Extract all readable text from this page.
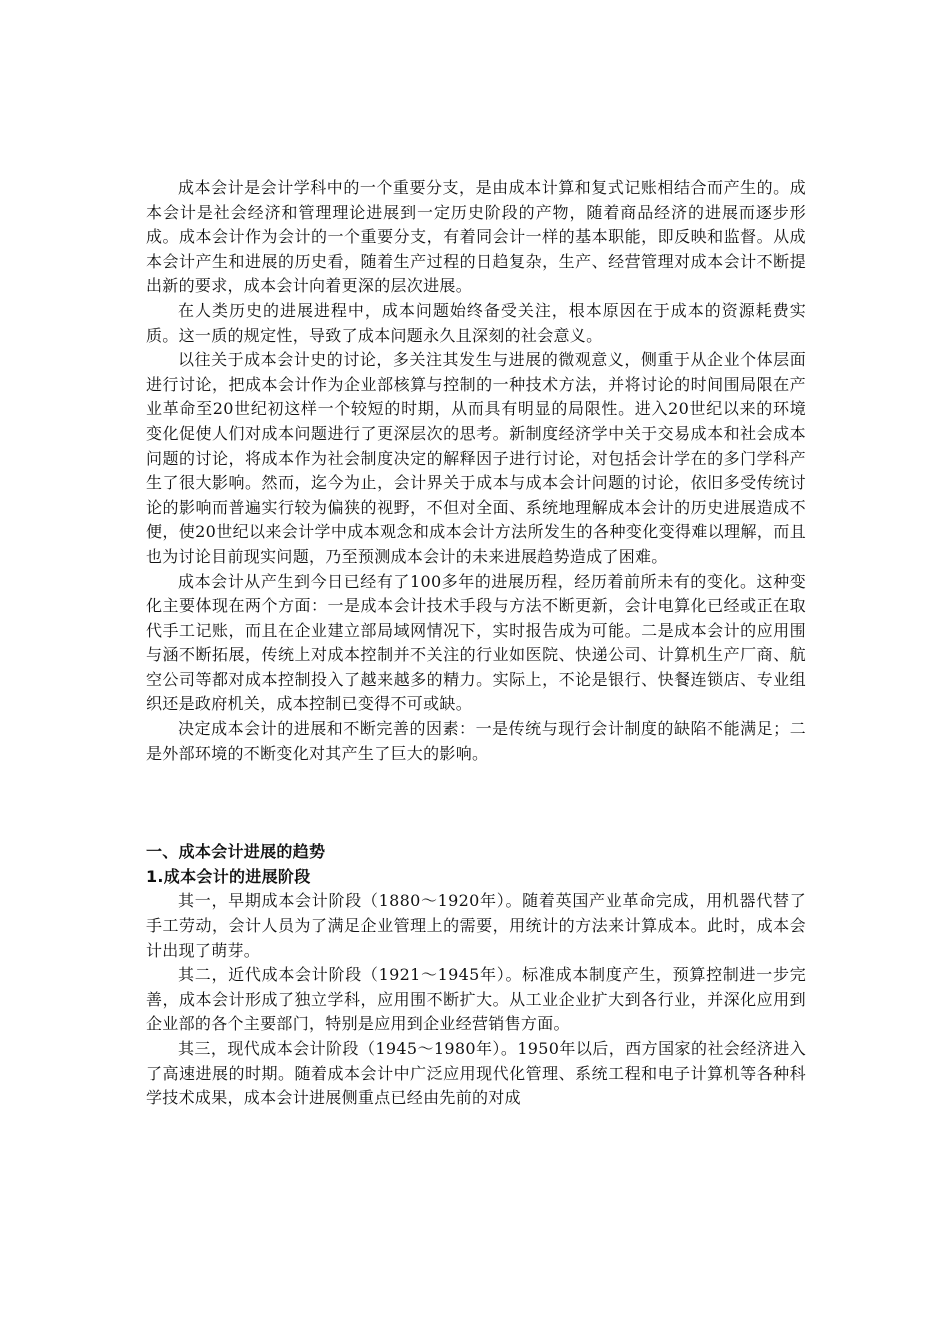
成本会计是会计学科中的一个重要分支，是由成本计算和复式记账相结合而产生的。成本会计是社会经济和管理理论进展到一定历史阶段的产物，随着商品经济的进展而逐步形成。成本会计作为会计的一个重要分支，有着同会计一样的基本职能，即反映和监督。从成本会计产生和进展的历史看，随着生产过程的日趋复杂，生产、经营管理对成本会计不断提出新的要求，成本会计向着更深的层次进展。

在人类历史的进展进程中，成本问题始终备受关注，根本原因在于成本的资源耗费实质。这一质的规定性，导致了成本问题永久且深刻的社会意义。

以往关于成本会计史的讨论，多关注其发生与进展的微观意义，侧重于从企业个体层面进行讨论，把成本会计作为企业部核算与控制的一种技术方法，并将讨论的时间围局限在产业革命至20世纪初这样一个较短的时期，从而具有明显的局限性。进入20世纪以来的环境变化促使人们对成本问题进行了更深层次的思考。新制度经济学中关于交易成本和社会成本问题的讨论，将成本作为社会制度决定的解释因子进行讨论，对包括会计学在的多门学科产生了很大影响。然而，迄今为止，会计界关于成本与成本会计问题的讨论，依旧多受传统讨论的影响而普遍实行较为偏狭的视野，不但对全面、系统地理解成本会计的历史进展造成不便，使20世纪以来会计学中成本观念和成本会计方法所发生的各种变化变得难以理解，而且也为讨论目前现实问题，乃至预测成本会计的未来进展趋势造成了困难。

成本会计从产生到今日已经有了100多年的进展历程，经历着前所未有的变化。这种变化主要体现在两个方面：一是成本会计技术手段与方法不断更新，会计电算化已经或正在取代手工记账，而且在企业建立部局域网情况下，实时报告成为可能。二是成本会计的应用围与涵不断拓展，传统上对成本控制并不关注的行业如医院、快递公司、计算机生产厂商、航空公司等都对成本控制投入了越来越多的精力。实际上，不论是银行、快餐连锁店、专业组织还是政府机关，成本控制已变得不可或缺。

决定成本会计的进展和不断完善的因素：一是传统与现行会计制度的缺陷不能满足；二是外部环境的不断变化对其产生了巨大的影响。

一、成本会计进展的趋势
1.成本会计的进展阶段

其一，早期成本会计阶段（1880～1920年）。随着英国产业革命完成，用机器代替了手工劳动，会计人员为了满足企业管理上的需要，用统计的方法来计算成本。此时，成本会计出现了萌芽。

其二，近代成本会计阶段（1921～1945年）。标准成本制度产生，预算控制进一步完善，成本会计形成了独立学科，应用围不断扩大。从工业企业扩大到各行业，并深化应用到企业部的各个主要部门，特别是应用到企业经营销售方面。

其三，现代成本会计阶段（1945～1980年）。1950年以后，西方国家的社会经济进入了高速进展的时期。随着成本会计中广泛应用现代化管理、系统工程和电子计算机等各种科学技术成果，成本会计进展侧重点已经由先前的对成
